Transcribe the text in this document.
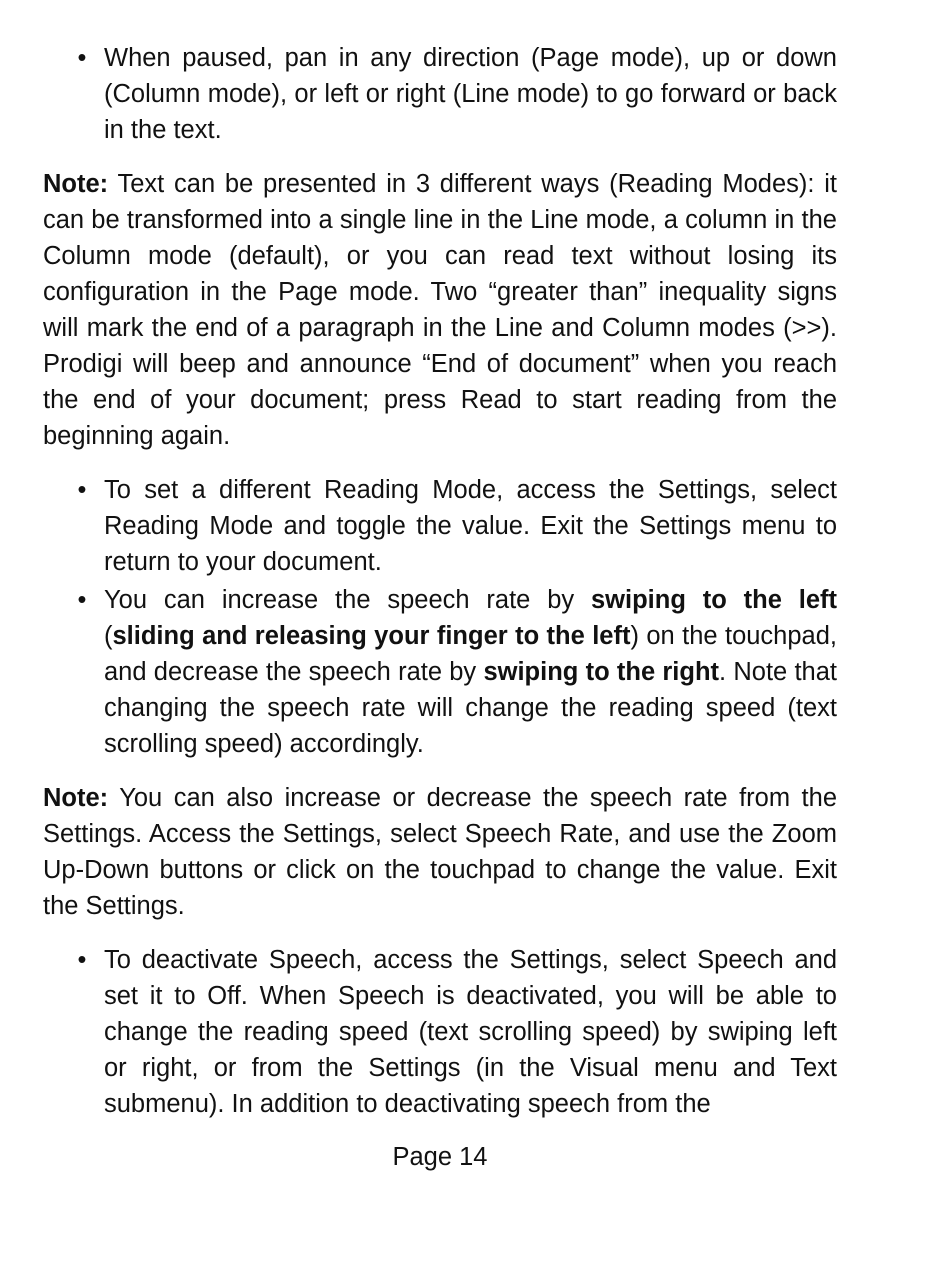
• When paused, pan in any direction (Page mode), up or down (Column mode), or left or right (Line mode) to go forward or back in the text.

Note: Text can be presented in 3 different ways (Reading Modes): it can be transformed into a single line in the Line mode, a column in the Column mode (default), or you can read text without losing its configuration in the Page mode. Two “greater than” inequality signs will mark the end of a paragraph in the Line and Column modes (>>). Prodigi will beep and announce “End of document” when you reach the end of your document; press Read to start reading from the beginning again.

• To set a different Reading Mode, access the Settings, select Reading Mode and toggle the value. Exit the Settings menu to return to your document.
• You can increase the speech rate by swiping to the left (sliding and releasing your finger to the left) on the touchpad, and decrease the speech rate by swiping to the right. Note that changing the speech rate will change the reading speed (text scrolling speed) accordingly.

Note: You can also increase or decrease the speech rate from the Settings. Access the Settings, select Speech Rate, and use the Zoom Up-Down buttons or click on the touchpad to change the value. Exit the Settings.

• To deactivate Speech, access the Settings, select Speech and set it to Off. When Speech is deactivated, you will be able to change the reading speed (text scrolling speed) by swiping left or right, or from the Settings (in the Visual menu and Text submenu). In addition to deactivating speech from the
Page 14
